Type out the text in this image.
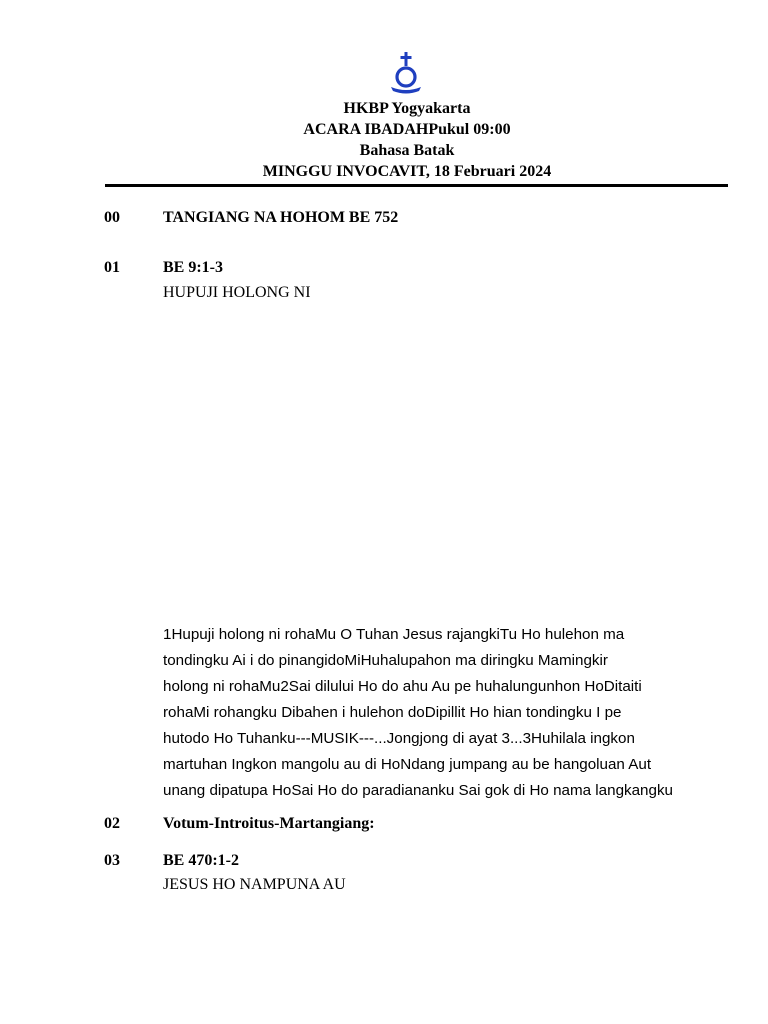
HKBP Yogyakarta
ACARA IBADAHPukul 09:00
Bahasa Batak
MINGGU INVOCAVIT, 18 Februari 2024
00	TANGIANG NA HOHOM BE 752
01	BE 9:1-3
HUPUJI HOLONG NI
1Hupuji holong ni rohaMu O Tuhan Jesus rajangkiTu Ho hulehon ma
tondingku Ai i do pinangidoMiHuhalupahon ma diringku Mamingkir
holong ni rohaMu2Sai dilului Ho do ahu Au pe huhalungunhon HoDitaiti
rohaMi rohangku Dibahen i hulehon doDipillit Ho hian tondingku I pe
hutodo Ho Tuhanku---MUSIK---...Jongjong di ayat 3...3Huhilala ingkon
martuhan Ingkon mangolu au di HoNdang jumpang au be hangoluan Aut
unang dipatupa HoSai Ho do paradiananku Sai gok di Ho nama langkangku
02	Votum-Introitus-Martangiang:
03	BE 470:1-2
JESUS HO NAMPUNA AU
